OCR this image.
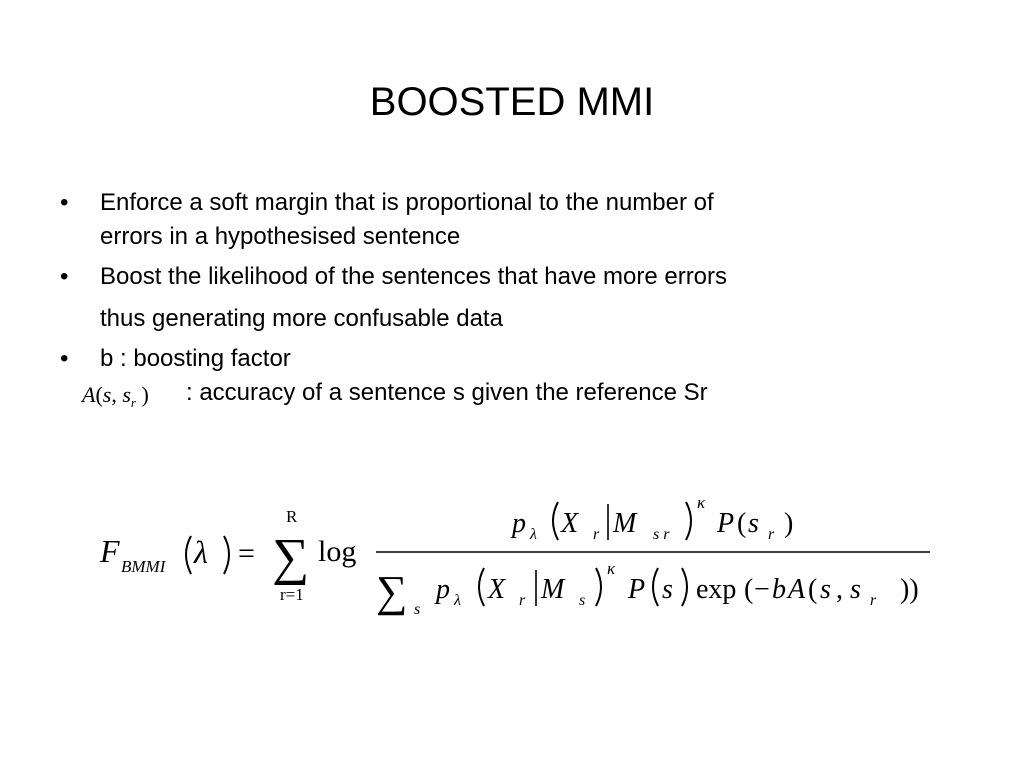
BOOSTED MMI
• Enforce a soft margin that is proportional to the number of
errors in a hypothesised sentence
• Boost the likelihood of the sentences that have more errors
thus generating more confusable data
• b : boosting factor
A(s, $s_r$ ) : accuracy of a sentence s given the reference Sr
F BMMI λ =
R
∑
r=1
log
p λ X r M s r
κ
P ( s r )
∑ s
p λ X r M s
κ
P s exp ( − b A ( s , s r ))
